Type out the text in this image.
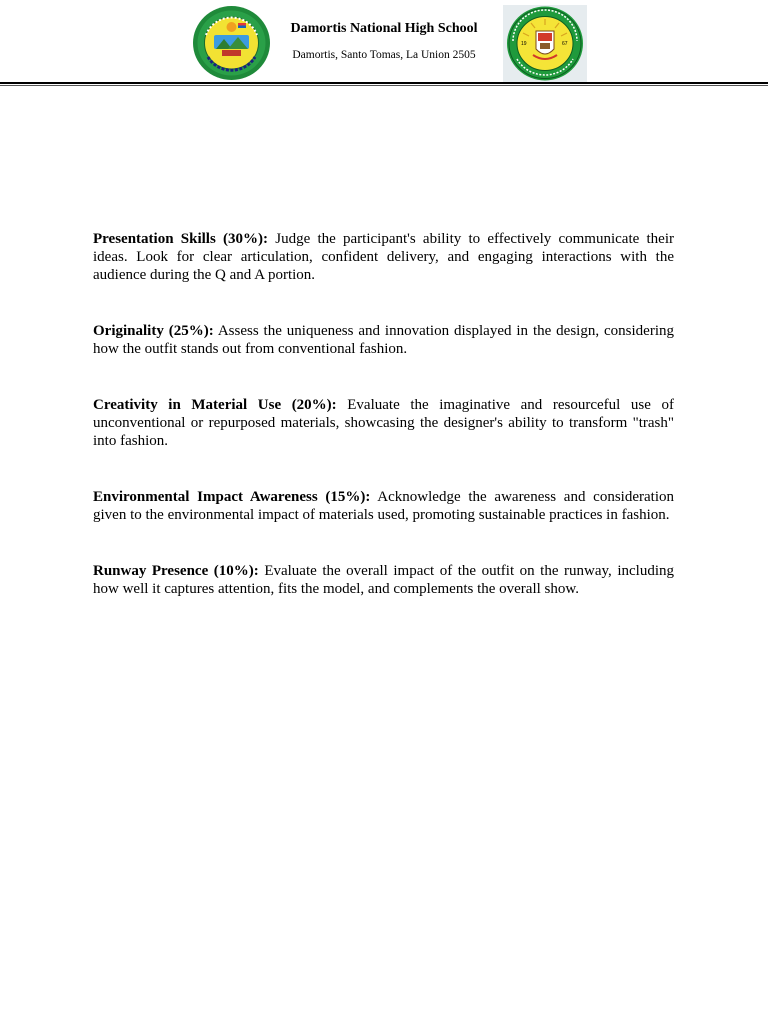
Damortis National High School
Damortis, Santo Tomas, La Union 2505
19	67

Presentation Skills (30%): Judge the participant's ability to effectively communicate their ideas. Look for clear articulation, confident delivery, and engaging interactions with the audience during the Q and A portion.

Originality (25%): Assess the uniqueness and innovation displayed in the design, considering how the outfit stands out from conventional fashion.

Creativity in Material Use (20%): Evaluate the imaginative and resourceful use of unconventional or repurposed materials, showcasing the designer's ability to transform "trash" into fashion.

Environmental Impact Awareness (15%): Acknowledge the awareness and consideration given to the environmental impact of materials used, promoting sustainable practices in fashion.

Runway Presence (10%): Evaluate the overall impact of the outfit on the runway, including how well it captures attention, fits the model, and complements the overall show.
